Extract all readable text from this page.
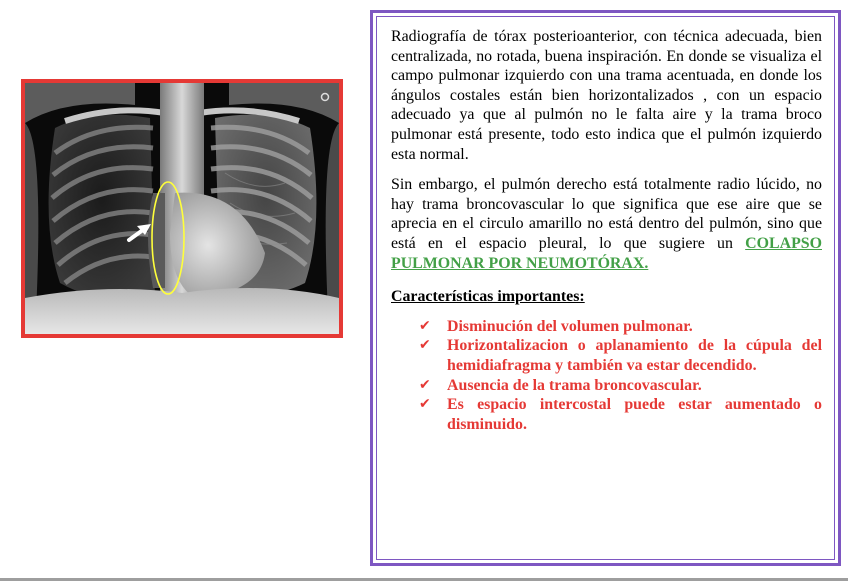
Radiografía de tórax posterioanterior, con técnica adecuada, bien centralizada, no rotada, buena inspiración. En donde se visualiza el campo pulmonar izquierdo con una trama acentuada, en donde los ángulos costales están bien horizontalizados , con un espacio adecuado ya que al pulmón no le falta aire y la trama broco pulmonar está presente, todo esto indica que el pulmón izquierdo esta normal.

Sin embargo, el pulmón derecho está totalmente radio lúcido, no hay trama broncovascular lo que significa que ese aire que se aprecia en el circulo amarillo no está dentro del pulmón, sino que está en el espacio pleural, lo que sugiere un COLAPSO PULMONAR POR NEUMOTÓRAX.

Características importantes:
✔	Disminución del volumen pulmonar.
✔	Horizontalizacion o aplanamiento de la cúpula del hemidiafragma y también va estar decendido.
✔	Ausencia de la trama broncovascular.
✔	Es espacio intercostal puede estar aumentado o disminuido.
